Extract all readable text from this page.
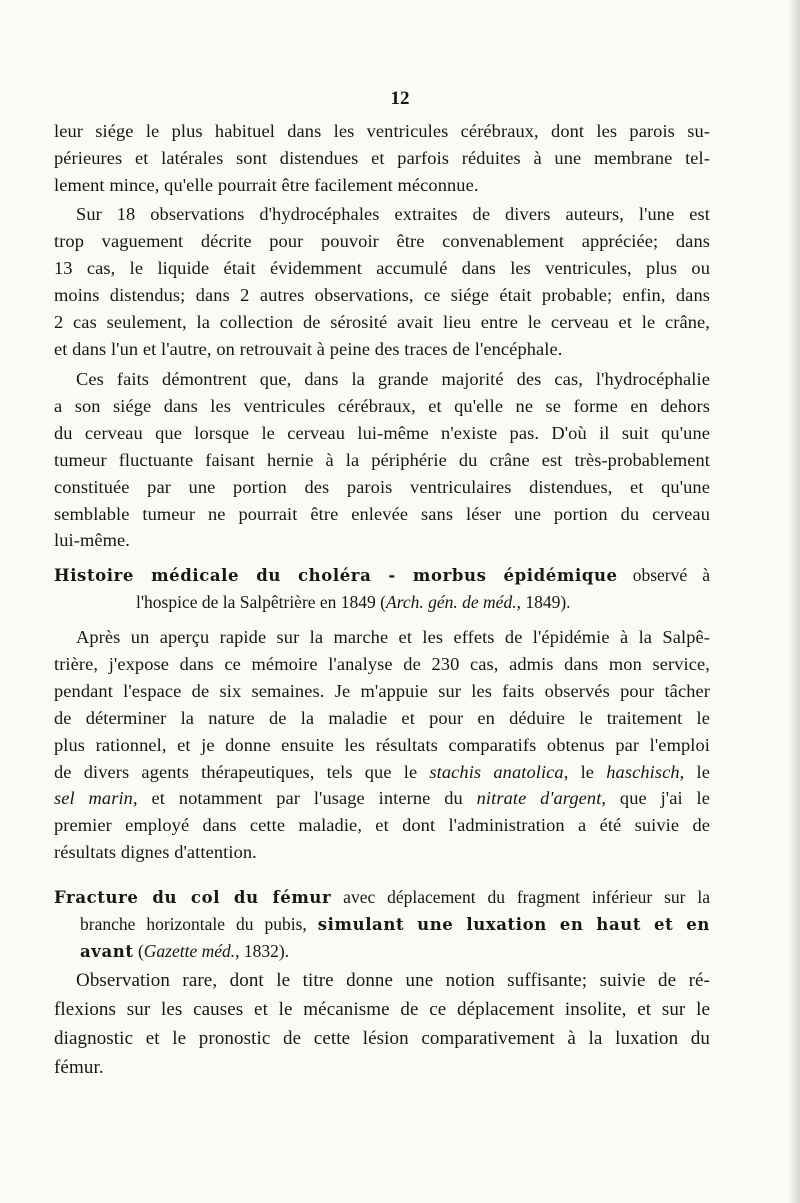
12
leur siége le plus habituel dans les ventricules cérébraux, dont les parois su-
périeures et latérales sont distendues et parfois réduites à une membrane tel-
lement mince, qu'elle pourrait être facilement méconnue.
Sur 18 observations d'hydrocéphales extraites de divers auteurs, l'une est
trop vaguement décrite pour pouvoir être convenablement appréciée; dans
13 cas, le liquide était évidemment accumulé dans les ventricules, plus ou
moins distendus; dans 2 autres observations, ce siége était probable; enfin, dans
2 cas seulement, la collection de sérosité avait lieu entre le cerveau et le crâne,
et dans l'un et l'autre, on retrouvait à peine des traces de l'encéphale.
Ces faits démontrent que, dans la grande majorité des cas, l'hydrocéphalie
a son siége dans les ventricules cérébraux, et qu'elle ne se forme en dehors
du cerveau que lorsque le cerveau lui-même n'existe pas. D'où il suit qu'une
tumeur fluctuante faisant hernie à la périphérie du crâne est très-probablement
constituée par une portion des parois ventriculaires distendues, et qu'une
semblable tumeur ne pourrait être enlevée sans léser une portion du cerveau
lui-même.
Histoire médicale du choléra - morbus épidémique observé à
l'hospice de la Salpêtrière en 1849 (Arch. gén. de méd., 1849).
Après un aperçu rapide sur la marche et les effets de l'épidémie à la Salpê-
trière, j'expose dans ce mémoire l'analyse de 230 cas, admis dans mon service,
pendant l'espace de six semaines. Je m'appuie sur les faits observés pour tâcher
de déterminer la nature de la maladie et pour en déduire le traitement le
plus rationnel, et je donne ensuite les résultats comparatifs obtenus par l'emploi
de divers agents thérapeutiques, tels que le stachis anatolica, le haschisch, le
sel marin, et notamment par l'usage interne du nitrate d'argent, que j'ai le
premier employé dans cette maladie, et dont l'administration a été suivie de
résultats dignes d'attention.
Fracture du col du fémur avec déplacement du fragment inférieur sur la
branche horizontale du pubis, simulant une luxation en haut et en
avant (Gazette méd., 1832).
Observation rare, dont le titre donne une notion suffisante; suivie de ré-
flexions sur les causes et le mécanisme de ce déplacement insolite, et sur le
diagnostic et le pronostic de cette lésion comparativement à la luxation du
fémur.
